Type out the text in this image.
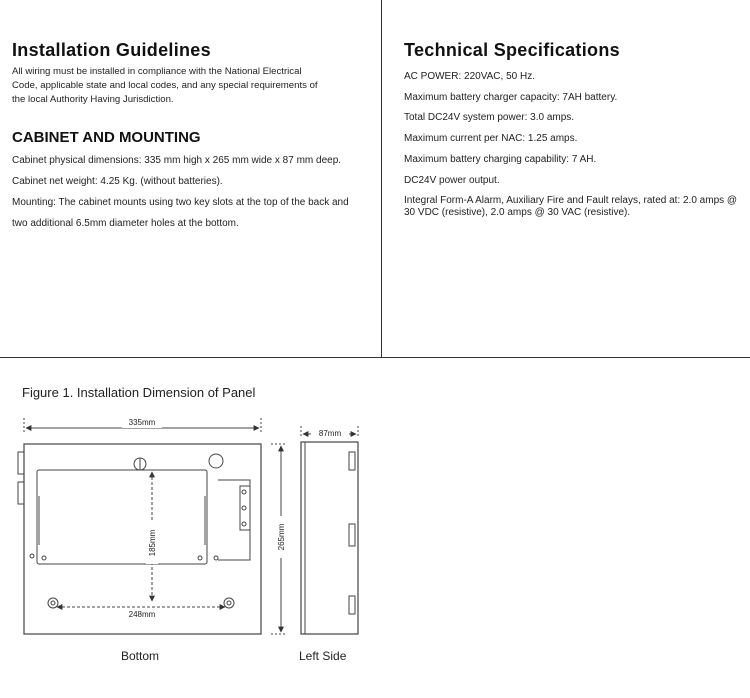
Installation Guidelines
All wiring must be installed in compliance with the National Electrical
Code, applicable state and local codes, and any special requirements of
the local Authority Having Jurisdiction.
CABINET AND MOUNTING
Cabinet physical dimensions: 335 mm high x 265 mm wide x 87 mm deep.
Cabinet net weight: 4.25 Kg. (without batteries).
Mounting: The cabinet mounts using two key slots at the top of the back and
two additional 6.5mm diameter holes at the bottom.
Technical Specifications
AC POWER: 220VAC, 50 Hz.
Maximum battery charger capacity: 7AH battery.
Total DC24V system power: 3.0 amps.
Maximum current per NAC: 1.25 amps.
Maximum battery charging capability: 7 AH.
DC24V power output.
Integral Form-A Alarm, Auxiliary Fire and Fault relays, rated at: 2.0 amps @ 30 VDC (resistive), 2.0 amps @ 30 VAC (resistive).
Figure 1. Installation Dimension of Panel
335mm
185mm
248mm
265mm
87mm
Bottom	Left Side
